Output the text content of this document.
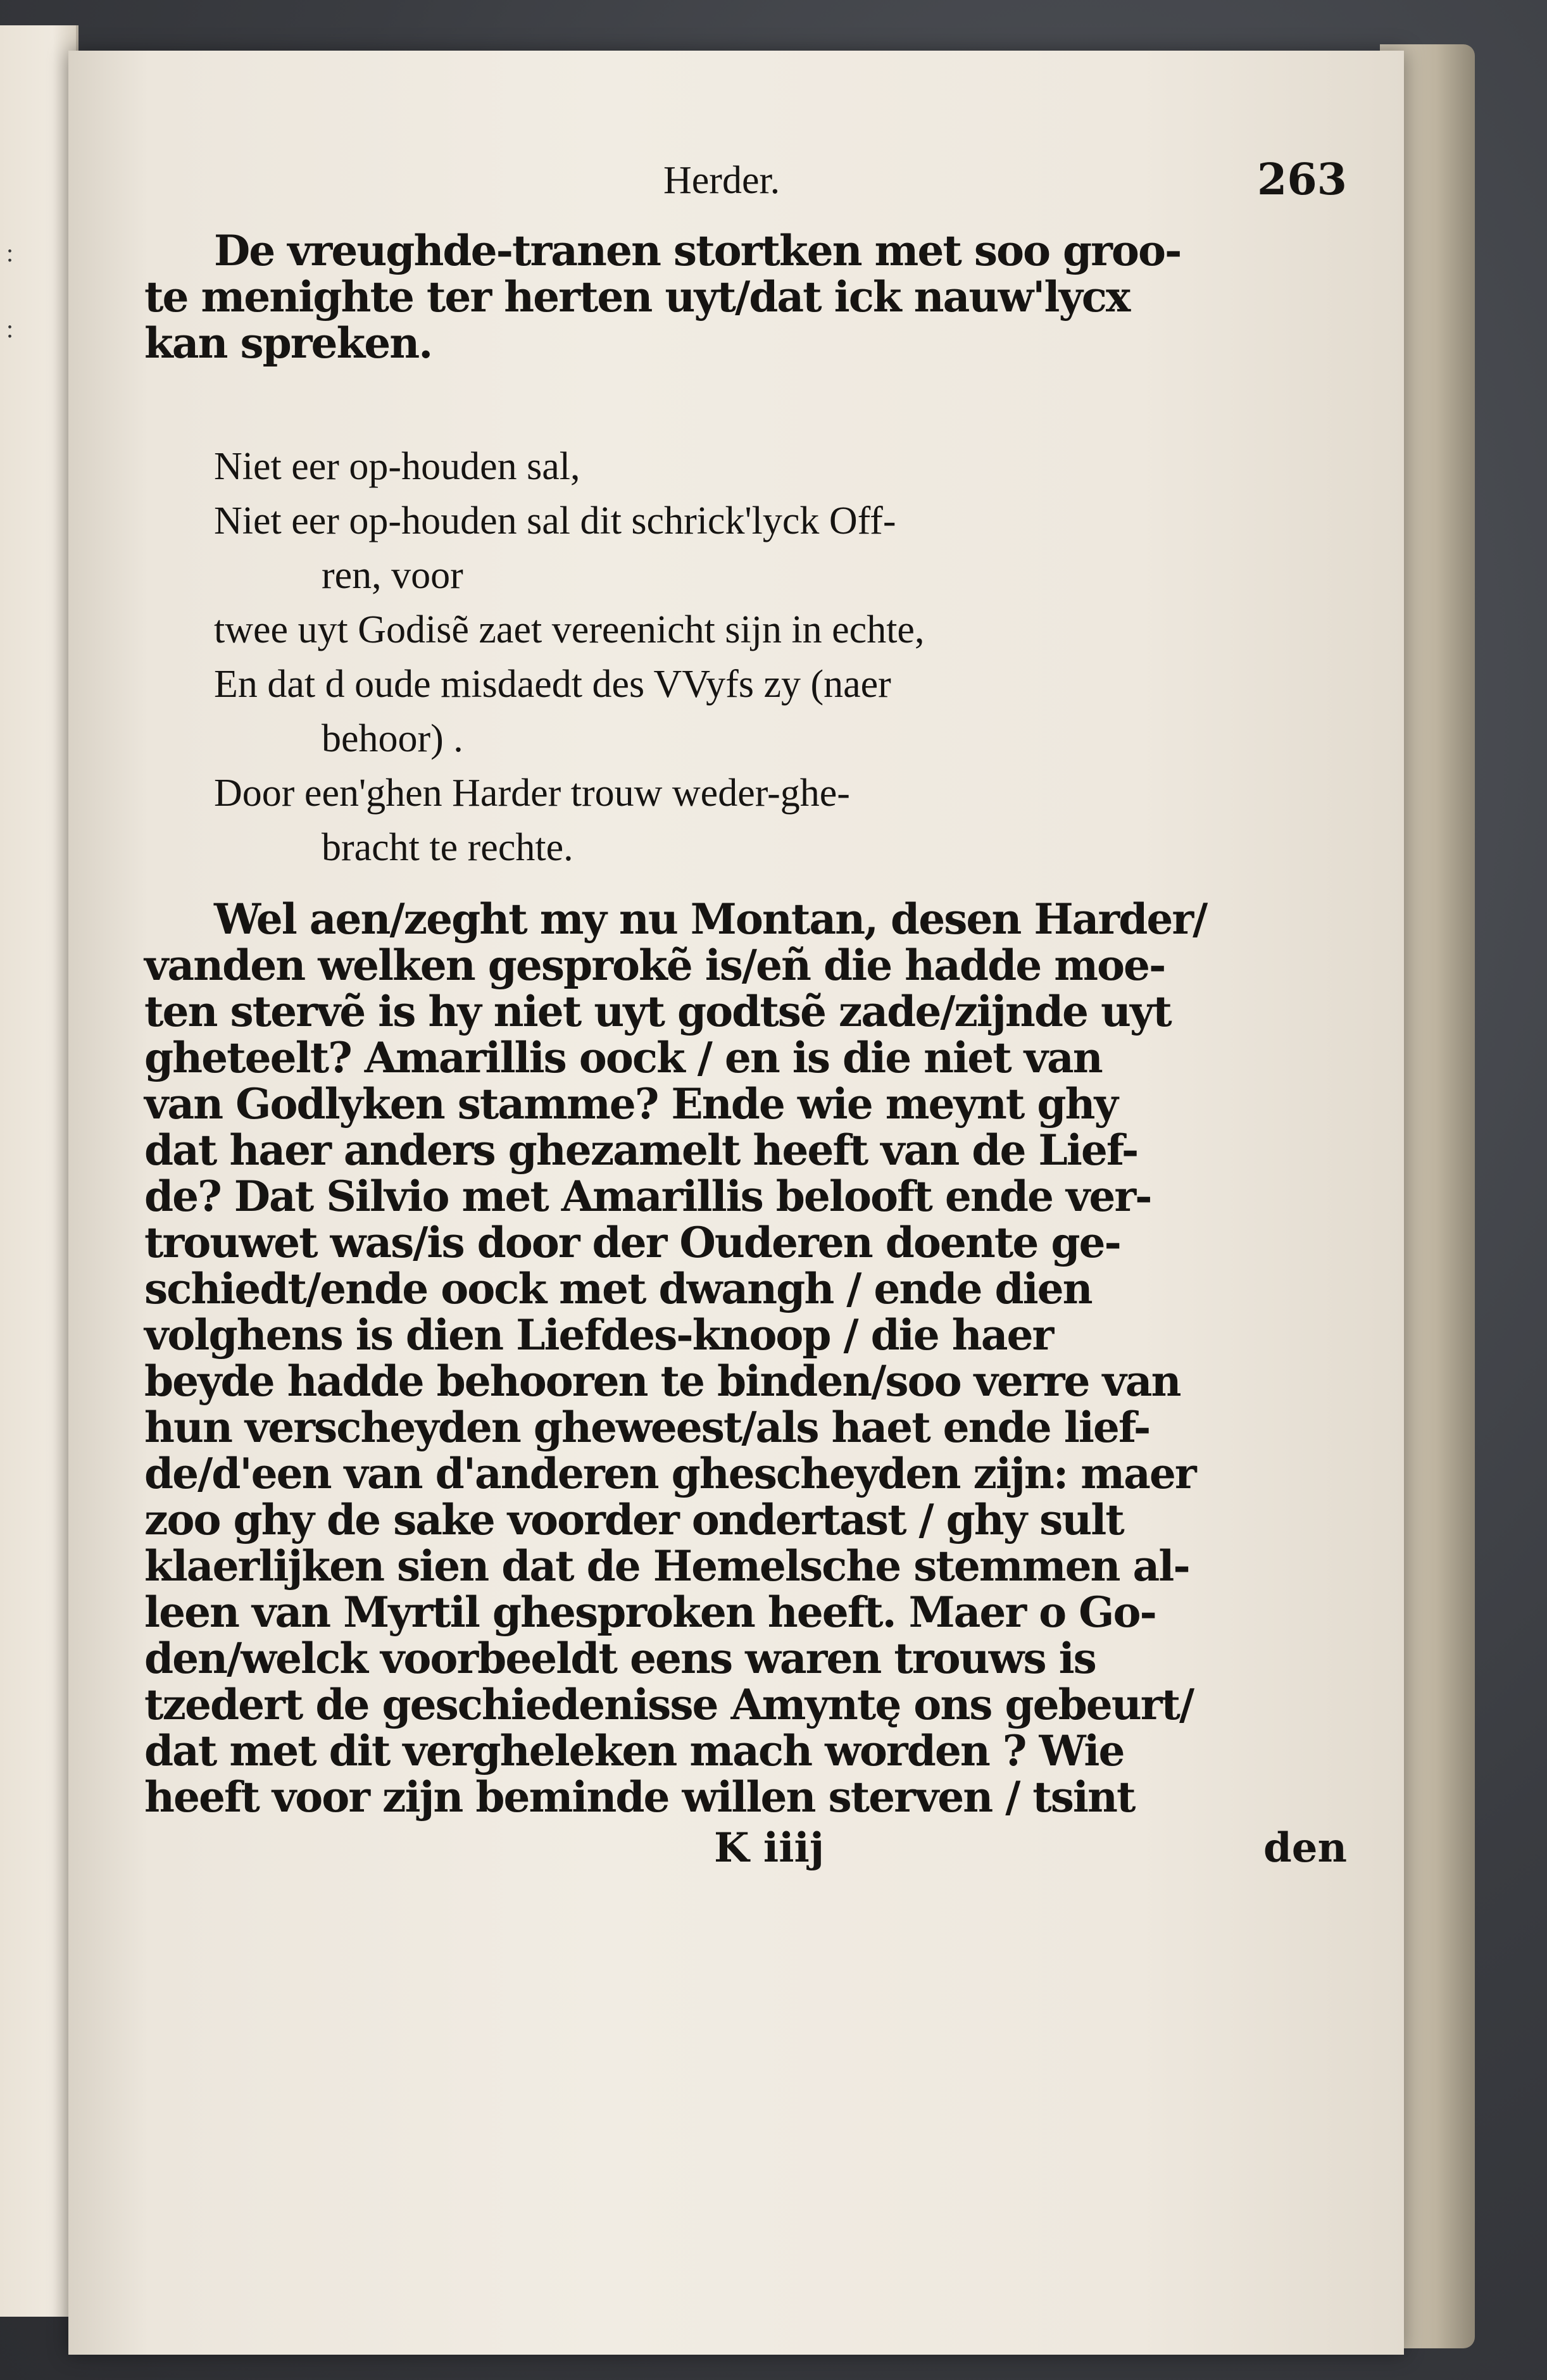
:
:
Herder.	263
De vreughde-tranen stortken met soo groo-
te menighte ter herten uyt/dat ick nauw'lycx
kan spreken.
Niet eer op-houden sal,
Niet eer op-houden sal dit schrick'lyck Off-
ren, voor
twee uyt Godisẽ zaet vereenicht sijn in echte,
En dat d oude misdaedt des VVyfs zy (naer
behoor) .
Door een'ghen Harder trouw weder-ghe-
bracht te rechte.
Wel aen/zeght my nu Montan, desen Harder/
vanden welken gesprokẽ is/eñ die hadde moe-
ten stervẽ is hy niet uyt godtsẽ zade/zijnde uyt
gheteelt? Amarillis oock / en is die niet van
van Godlyken stamme? Ende wie meynt ghy
dat haer anders ghezamelt heeft van de Lief-
de? Dat Silvio met Amarillis belooft ende ver-
trouwet was/is door der Ouderen doente ge-
schiedt/ende oock met dwangh / ende dien
volghens is dien Liefdes-knoop / die haer
beyde hadde behooren te binden/soo verre van
hun verscheyden gheweest/als haet ende lief-
de/d'een van d'anderen ghescheyden zijn: maer
zoo ghy de sake voorder ondertast / ghy sult
klaerlijken sien dat de Hemelsche stemmen al-
leen van Myrtil ghesproken heeft. Maer o Go-
den/welck voorbeeldt eens waren trouws is
tzedert de geschiedenisse Amyntę ons gebeurt/
dat met dit vergheleken mach worden ? Wie
heeft voor zijn beminde willen sterven / tsint
K iiij	den
